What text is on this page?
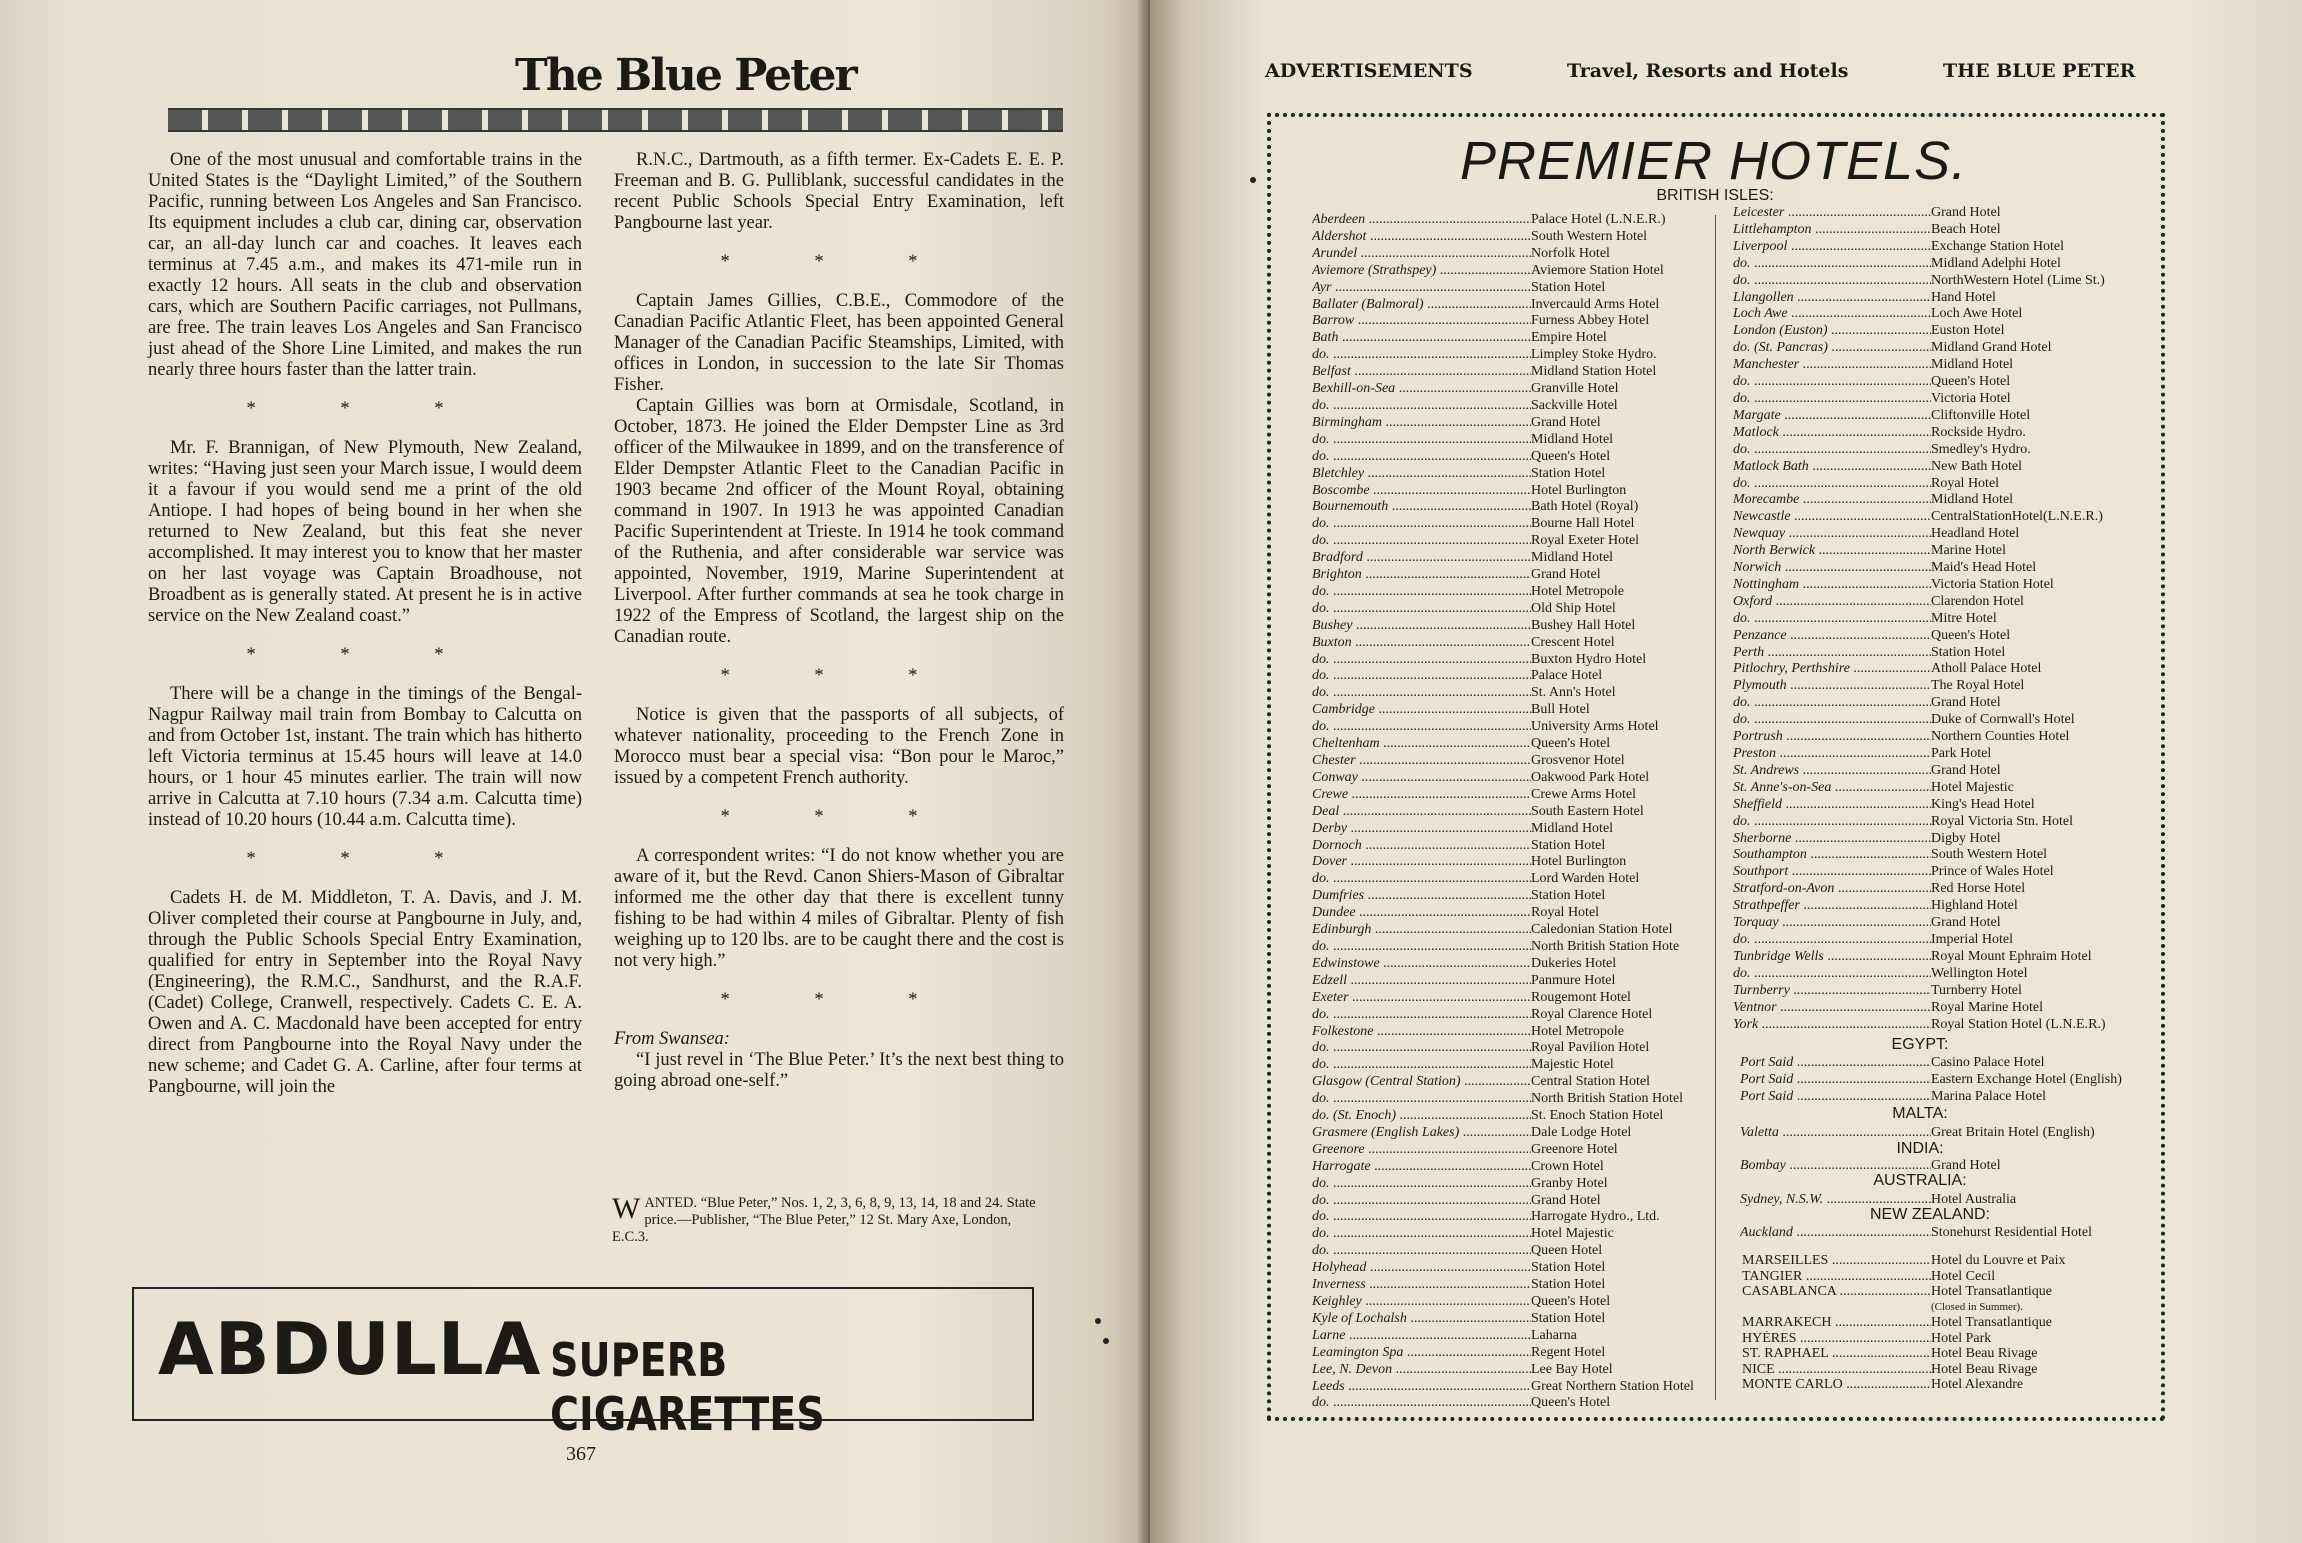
The Blue Peter

One of the most unusual and comfortable trains in the United States is the “Daylight Limited,” of the Southern Pacific, running between Los Angeles and San Francisco. Its equipment includes a club car, dining car, observation car, an all-day lunch car and coaches. It leaves each terminus at 7.45 a.m., and makes its 471-mile run in exactly 12 hours. All seats in the club and observation cars, which are Southern Pacific carriages, not Pullmans, are free. The train leaves Los Angeles and San Francisco just ahead of the Shore Line Limited, and makes the run nearly three hours faster than the latter train.

* * *

Mr. F. Brannigan, of New Plymouth, New Zealand, writes: “Having just seen your March issue, I would deem it a favour if you would send me a print of the old Antiope. I had hopes of being bound in her when she returned to New Zealand, but this feat she never accomplished. It may interest you to know that her master on her last voyage was Captain Broadhouse, not Broadbent as is generally stated. At present he is in active service on the New Zealand coast.”

* * *

There will be a change in the timings of the Bengal-Nagpur Railway mail train from Bombay to Calcutta on and from October 1st, instant. The train which has hitherto left Victoria terminus at 15.45 hours will leave at 14.0 hours, or 1 hour 45 minutes earlier. The train will now arrive in Calcutta at 7.10 hours (7.34 a.m. Calcutta time) instead of 10.20 hours (10.44 a.m. Calcutta time).

* * *

Cadets H. de M. Middleton, T. A. Davis, and J. M. Oliver completed their course at Pangbourne in July, and, through the Public Schools Special Entry Examination, qualified for entry in September into the Royal Navy (Engineering), the R.M.C., Sandhurst, and the R.A.F. (Cadet) College, Cranwell, respectively. Cadets C. E. A. Owen and A. C. Macdonald have been accepted for entry direct from Pangbourne into the Royal Navy under the new scheme; and Cadet G. A. Carline, after four terms at Pangbourne, will join the

R.N.C., Dartmouth, as a fifth termer. Ex-Cadets E. E. P. Freeman and B. G. Pulliblank, successful candidates in the recent Public Schools Special Entry Examination, left Pangbourne last year.

* * *

Captain James Gillies, C.B.E., Commodore of the Canadian Pacific Atlantic Fleet, has been appointed General Manager of the Canadian Pacific Steamships, Limited, with offices in London, in succession to the late Sir Thomas Fisher.

Captain Gillies was born at Ormisdale, Scotland, in October, 1873. He joined the Elder Dempster Line as 3rd officer of the Milwaukee in 1899, and on the transference of Elder Dempster Atlantic Fleet to the Canadian Pacific in 1903 became 2nd officer of the Mount Royal, obtaining command in 1907. In 1913 he was appointed Canadian Pacific Superintendent at Trieste. In 1914 he took command of the Ruthenia, and after considerable war service was appointed, November, 1919, Marine Superintendent at Liverpool. After further commands at sea he took charge in 1922 of the Empress of Scotland, the largest ship on the Canadian route.

* * *

Notice is given that the passports of all subjects, of whatever nationality, proceeding to the French Zone in Morocco must bear a special visa: “Bon pour le Maroc,” issued by a competent French authority.

* * *

A correspondent writes: “I do not know whether you are aware of it, but the Revd. Canon Shiers-Mason of Gibraltar informed me the other day that there is excellent tunny fishing to be had within 4 miles of Gibraltar. Plenty of fish weighing up to 120 lbs. are to be caught there and the cost is not very high.”

* * *

From Swansea:

“I just revel in ‘The Blue Peter.’ It’s the next best thing to going abroad one-self.”

W ANTED. “Blue Peter,” Nos. 1, 2, 3, 6, 8, 9, 13, 14, 18 and 24. State price.—Publisher, “The Blue Peter,” 12 St. Mary Axe, London, E.C.3.
ABDULLA SUPERB CIGARETTES
367
ADVERTISEMENTS	Travel, Resorts and Hotels	THE BLUE PETER
PREMIER HOTELS.
BRITISH ISLES:
Aberdeen .....	Palace Hotel (L.N.E.R.)
Aldershot .....	South Western Hotel
Arundel .....	Norfolk Hotel
Aviemore (Strathspey) .....	Aviemore Station Hotel
Ayr .....	Station Hotel
Ballater (Balmoral) .....	Invercauld Arms Hotel
Barrow .....	Furness Abbey Hotel
Bath .....	Empire Hotel
do. .....	Limpley Stoke Hydro.
Belfast .....	Midland Station Hotel
Bexhill-on-Sea .....	Granville Hotel
do. .....	Sackville Hotel
Birmingham .....	Grand Hotel
do. .....	Midland Hotel
do. .....	Queen's Hotel
Bletchley .....	Station Hotel
Boscombe .....	Hotel Burlington
Bournemouth .....	Bath Hotel (Royal)
do. .....	Bourne Hall Hotel
do. .....	Royal Exeter Hotel
Bradford .....	Midland Hotel
Brighton .....	Grand Hotel
do. .....	Hotel Metropole
do. .....	Old Ship Hotel
Bushey .....	Bushey Hall Hotel
Buxton .....	Crescent Hotel
do. .....	Buxton Hydro Hotel
do. .....	Palace Hotel
do. .....	St. Ann's Hotel
Cambridge .....	Bull Hotel
do. .....	University Arms Hotel
Cheltenham .....	Queen's Hotel
Chester .....	Grosvenor Hotel
Conway .....	Oakwood Park Hotel
Crewe .....	Crewe Arms Hotel
Deal .....	South Eastern Hotel
Derby .....	Midland Hotel
Dornoch .....	Station Hotel
Dover .....	Hotel Burlington
do. .....	Lord Warden Hotel
Dumfries .....	Station Hotel
Dundee .....	Royal Hotel
Edinburgh .....	Caledonian Station Hotel
do. .....	North British Station Hote
Edwinstowe .....	Dukeries Hotel
Edzell .....	Panmure Hotel
Exeter .....	Rougemont Hotel
do. .....	Royal Clarence Hotel
Folkestone .....	Hotel Metropole
do. .....	Royal Pavilion Hotel
do. .....	Majestic Hotel
Glasgow (Central Station) .....	Central Station Hotel
do. .....	North British Station Hotel
do. (St. Enoch) .....	St. Enoch Station Hotel
Grasmere (English Lakes) .....	Dale Lodge Hotel
Greenore .....	Greenore Hotel
Harrogate .....	Crown Hotel
do. .....	Granby Hotel
do. .....	Grand Hotel
do. .....	Harrogate Hydro., Ltd.
do. .....	Hotel Majestic
do. .....	Queen Hotel
Holyhead .....	Station Hotel
Inverness .....	Station Hotel
Keighley .....	Queen's Hotel
Kyle of Lochalsh .....	Station Hotel
Larne .....	Laharna
Leamington Spa .....	Regent Hotel
Lee, N. Devon .....	Lee Bay Hotel
Leeds .....	Great Northern Station Hotel
do. .....	Queen's Hotel
Leicester .....	Grand Hotel
Littlehampton .....	Beach Hotel
Liverpool .....	Exchange Station Hotel
do. .....	Midland Adelphi Hotel
do. .....	NorthWestern Hotel (Lime St.)
Llangollen .....	Hand Hotel
Loch Awe .....	Loch Awe Hotel
London (Euston) .....	Euston Hotel
do. (St. Pancras) .....	Midland Grand Hotel
Manchester .....	Midland Hotel
do. .....	Queen's Hotel
do. .....	Victoria Hotel
Margate .....	Cliftonville Hotel
Matlock .....	Rockside Hydro.
do. .....	Smedley's Hydro.
Matlock Bath .....	New Bath Hotel
do. .....	Royal Hotel
Morecambe .....	Midland Hotel
Newcastle .....	CentralStationHotel(L.N.E.R.)
Newquay .....	Headland Hotel
North Berwick .....	Marine Hotel
Norwich .....	Maid's Head Hotel
Nottingham .....	Victoria Station Hotel
Oxford .....	Clarendon Hotel
do. .....	Mitre Hotel
Penzance .....	Queen's Hotel
Perth .....	Station Hotel
Pitlochry, Perthshire .....	Atholl Palace Hotel
Plymouth .....	The Royal Hotel
do. .....	Grand Hotel
do. .....	Duke of Cornwall's Hotel
Portrush .....	Northern Counties Hotel
Preston .....	Park Hotel
St. Andrews .....	Grand Hotel
St. Anne's-on-Sea .....	Hotel Majestic
Sheffield .....	King's Head Hotel
do. .....	Royal Victoria Stn. Hotel
Sherborne .....	Digby Hotel
Southampton .....	South Western Hotel
Southport .....	Prince of Wales Hotel
Stratford-on-Avon .....	Red Horse Hotel
Strathpeffer .....	Highland Hotel
Torquay .....	Grand Hotel
do. .....	Imperial Hotel
Tunbridge Wells .....	Royal Mount Ephraim Hotel
do. .....	Wellington Hotel
Turnberry .....	Turnberry Hotel
Ventnor .....	Royal Marine Hotel
York .....	Royal Station Hotel (L.N.E.R.)
EGYPT:
Port Said .....	Casino Palace Hotel
Port Said .....	Eastern Exchange Hotel (English)
Port Said .....	Marina Palace Hotel
MALTA:
Valetta .....	Great Britain Hotel (English)
INDIA:
Bombay .....	Grand Hotel
AUSTRALIA:
Sydney, N.S.W. .....	Hotel Australia
NEW ZEALAND:
Auckland .....	Stonehurst Residential Hotel
MARSEILLES .....	Hotel du Louvre et Paix
TANGIER .....	Hotel Cecil
CASABLANCA .....	Hotel Transatlantique
(Closed in Summer).
MARRAKECH .....	Hotel Transatlantique
HYÈRES .....	Hotel Park
ST. RAPHAEL .....	Hotel Beau Rivage
NICE .....	Hotel Beau Rivage
MONTE CARLO .....	Hotel Alexandre
